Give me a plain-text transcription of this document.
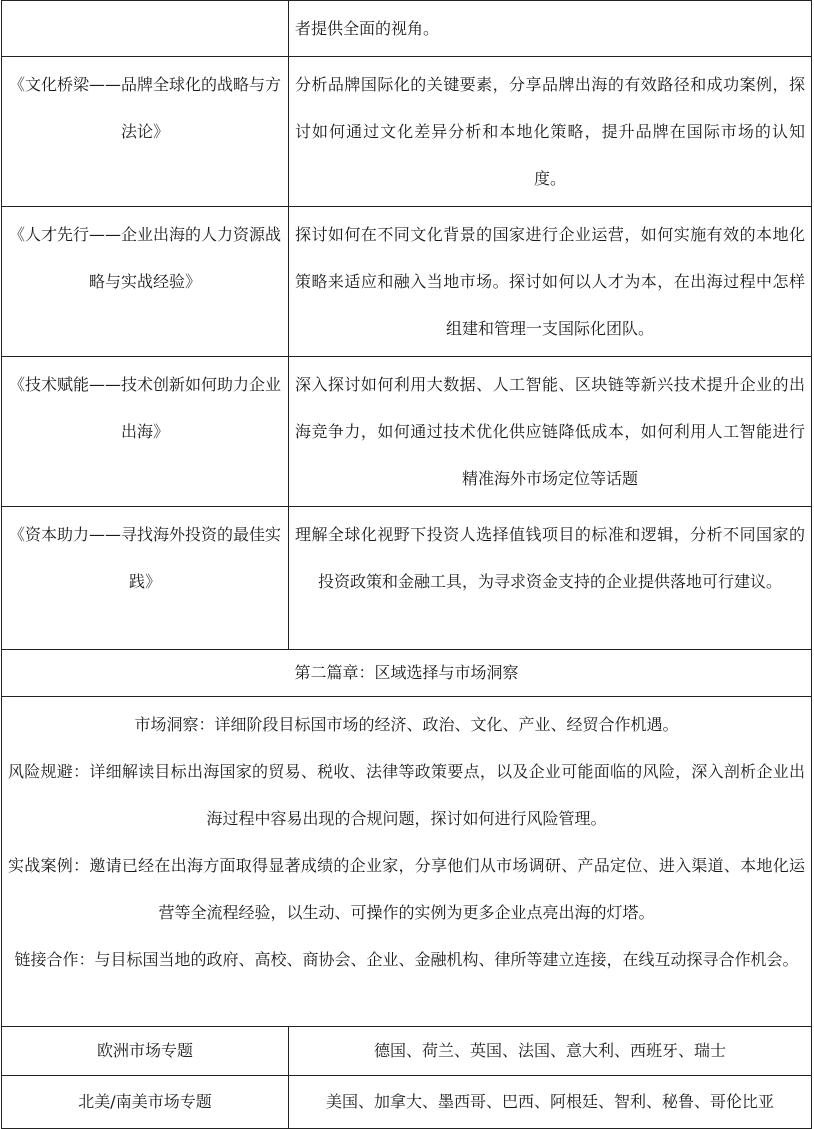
	者提供全面的视角。
《文化桥梁——品牌全球化的战略与方法论》	分析品牌国际化的关键要素，分享品牌出海的有效路径和成功案例，探讨如何通过文化差异分析和本地化策略，提升品牌在国际市场的认知度。
《人才先行——企业出海的人力资源战略与实战经验》	探讨如何在不同文化背景的国家进行企业运营，如何实施有效的本地化策略来适应和融入当地市场。探讨如何以人才为本，在出海过程中怎样组建和管理一支国际化团队。
《技术赋能——技术创新如何助力企业出海》	深入探讨如何利用大数据、人工智能、区块链等新兴技术提升企业的出海竞争力，如何通过技术优化供应链降低成本，如何利用人工智能进行精准海外市场定位等话题
《资本助力——寻找海外投资的最佳实践》	理解全球化视野下投资人选择值钱项目的标准和逻辑，分析不同国家的投资政策和金融工具，为寻求资金支持的企业提供落地可行建议。
第二篇章：区域选择与市场洞察	

市场洞察：详细阶段目标国市场的经济、政治、文化、产业、经贸合作机遇。
风险规避：详细解读目标出海国家的贸易、税收、法律等政策要点，以及企业可能面临的风险，深入剖析企业出海过程中容易出现的合规问题，探讨如何进行风险管理。
实战案例：邀请已经在出海方面取得显著成绩的企业家，分享他们从市场调研、产品定位、进入渠道、本地化运营等全流程经验，以生动、可操作的实例为更多企业点亮出海的灯塔。
链接合作：与目标国当地的政府、高校、商协会、企业、金融机构、律所等建立连接，在线互动探寻合作机会。	

欧洲市场专题	德国、荷兰、英国、法国、意大利、西班牙、瑞士
北美/南美市场专题	美国、加拿大、墨西哥、巴西、阿根廷、智利、秘鲁、哥伦比亚
